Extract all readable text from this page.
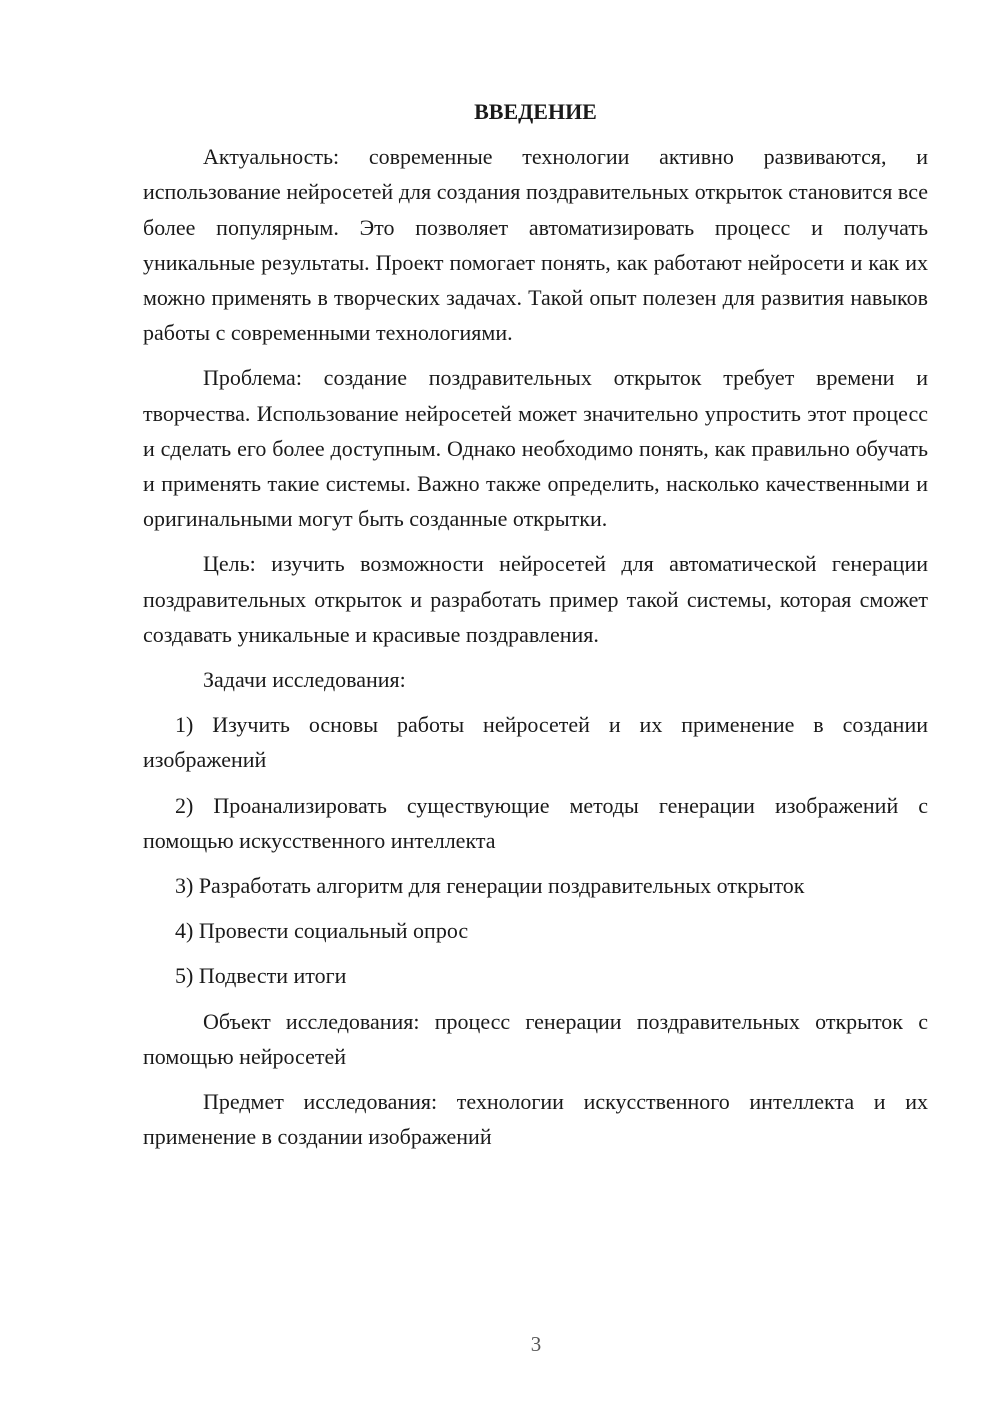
ВВЕДЕНИЕ

Актуальность: современные технологии активно развиваются, и использование нейросетей для создания поздравительных открыток становится все более популярным. Это позволяет автоматизировать процесс и получать уникальные результаты. Проект помогает понять, как работают нейросети и как их можно применять в творческих задачах. Такой опыт полезен для развития навыков работы с современными технологиями.

Проблема: создание поздравительных открыток требует времени и творчества. Использование нейросетей может значительно упростить этот процесс и сделать его более доступным. Однако необходимо понять, как правильно обучать и применять такие системы. Важно также определить, насколько качественными и оригинальными могут быть созданные открытки.

Цель: изучить возможности нейросетей для автоматической генерации поздравительных открыток и разработать пример такой системы, которая сможет создавать уникальные и красивые поздравления.

Задачи исследования:

1) Изучить основы работы нейросетей и их применение в создании изображений

2) Проанализировать существующие методы генерации изображений с помощью искусственного интеллекта

3) Разработать алгоритм для генерации поздравительных открыток

4) Провести социальный опрос

5) Подвести итоги

Объект исследования: процесс генерации поздравительных открыток с помощью нейросетей

Предмет исследования: технологии искусственного интеллекта и их применение в создании изображений

3
